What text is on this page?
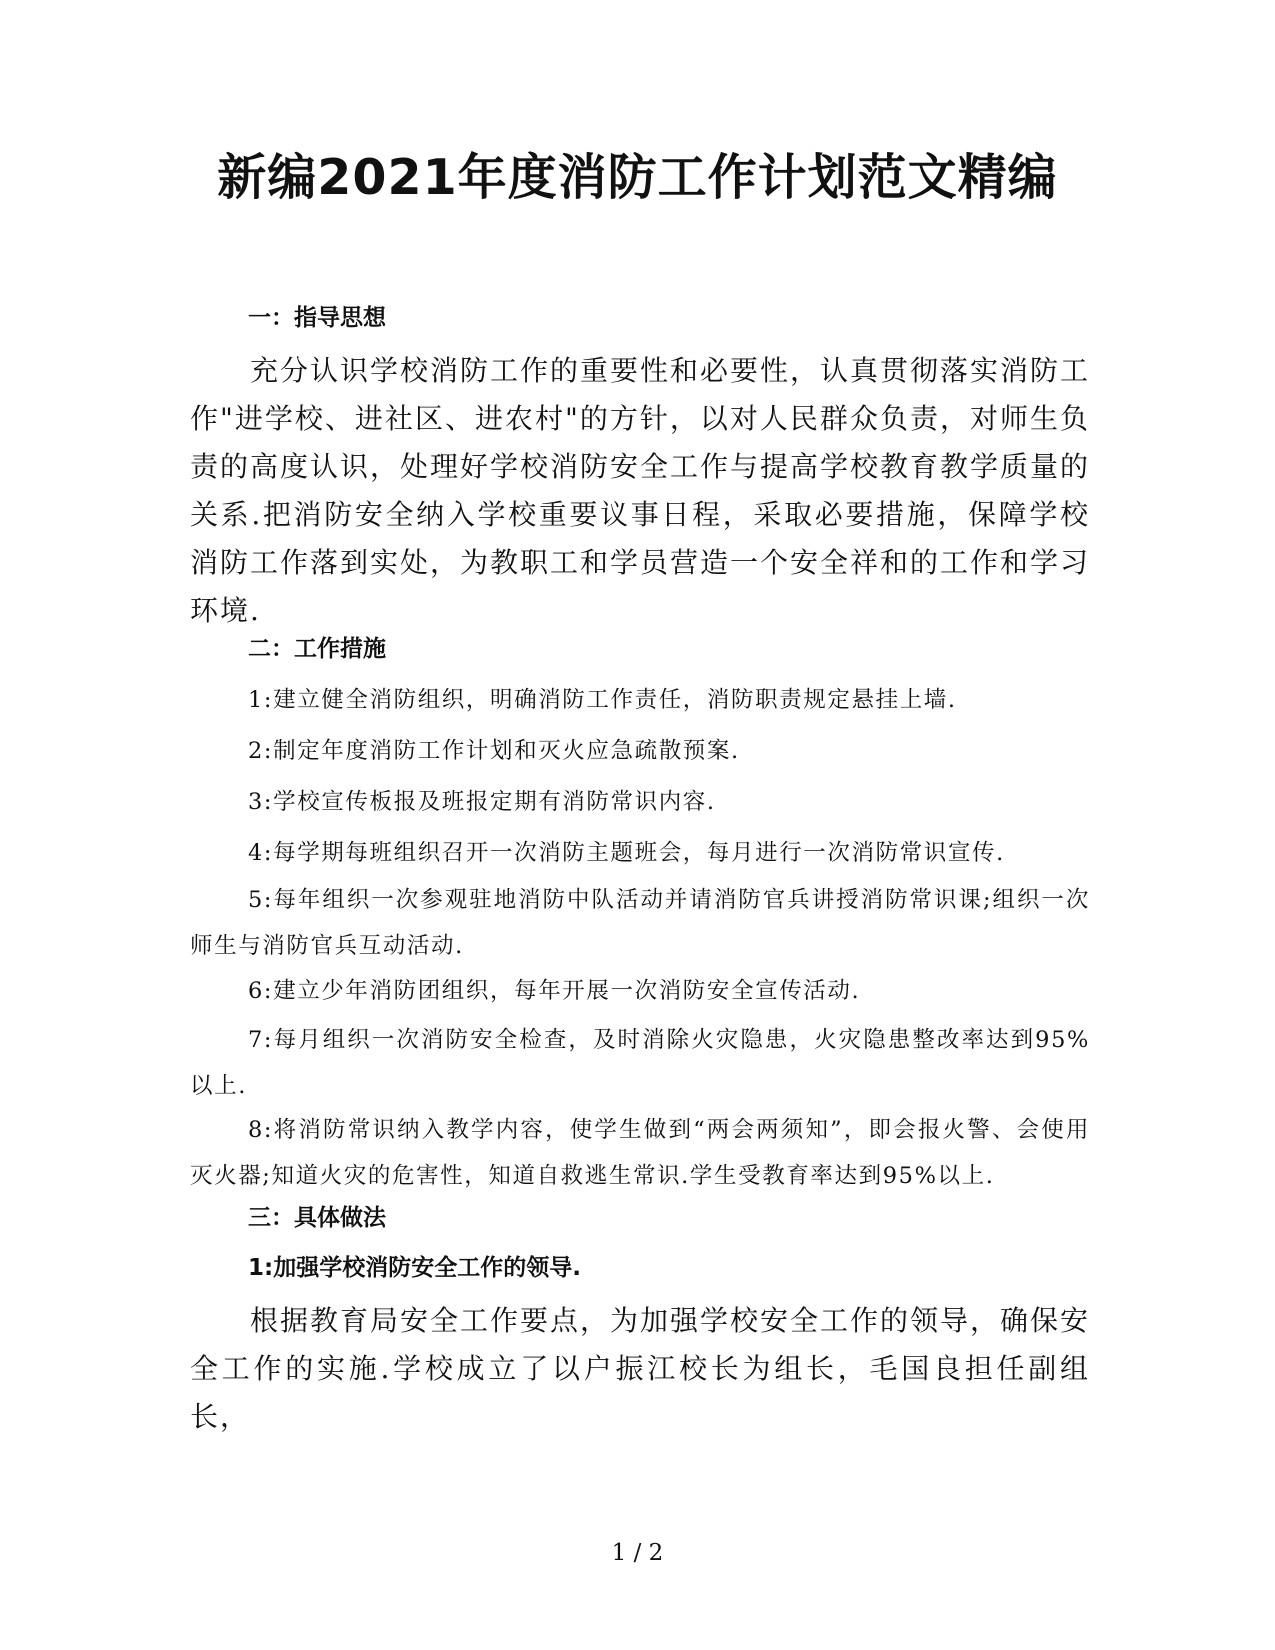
新编2021年度消防工作计划范文精编
一：指导思想

充分认识学校消防工作的重要性和必要性，认真贯彻落实消防工作"进学校、进社区、进农村"的方针，以对人民群众负责，对师生负责的高度认识，处理好学校消防安全工作与提高学校教育教学质量的关系.把消防安全纳入学校重要议事日程，采取必要措施，保障学校消防工作落到实处，为教职工和学员营造一个安全祥和的工作和学习环境.

二：工作措施

1:建立健全消防组织，明确消防工作责任，消防职责规定悬挂上墙.

2:制定年度消防工作计划和灭火应急疏散预案.

3:学校宣传板报及班报定期有消防常识内容.

4:每学期每班组织召开一次消防主题班会，每月进行一次消防常识宣传.

5:每年组织一次参观驻地消防中队活动并请消防官兵讲授消防常识课;组织一次师生与消防官兵互动活动.

6:建立少年消防团组织，每年开展一次消防安全宣传活动.

7:每月组织一次消防安全检查，及时消除火灾隐患，火灾隐患整改率达到95%以上.

8:将消防常识纳入教学内容，使学生做到“两会两须知”，即会报火警、会使用灭火器;知道火灾的危害性，知道自救逃生常识.学生受教育率达到95%以上.

三：具体做法
1:加强学校消防安全工作的领导.

根据教育局安全工作要点，为加强学校安全工作的领导，确保安全工作的实施.学校成立了以户振江校长为组长，毛国良担任副组长，

1 / 2
